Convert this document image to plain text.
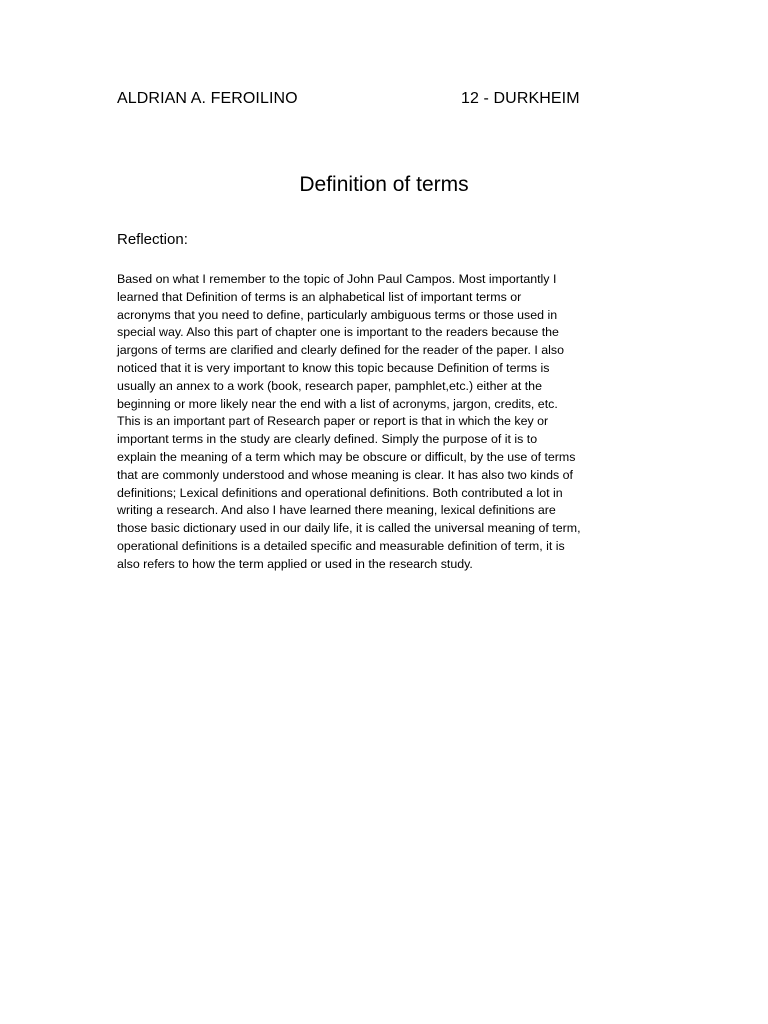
ALDRIAN A. FEROILINO	12 - DURKHEIM
Definition of terms
Reflection:
Based on what I remember to the topic of John Paul Campos. Most importantly I
learned that Definition of terms is an alphabetical list of important terms or
acronyms that you need to define, particularly ambiguous terms or those used in
special way. Also this part of chapter one is important to the readers because the
jargons of terms are clarified and clearly defined for the reader of the paper. I also
noticed that it is very important to know this topic because Definition of terms is
usually an annex to a work (book, research paper, pamphlet,etc.) either at the
beginning or more likely near the end with a list of acronyms, jargon, credits, etc.
This is an important part of Research paper or report is that in which the key or
important terms in the study are clearly defined. Simply the purpose of it is to
explain the meaning of a term which may be obscure or difficult, by the use of terms
that are commonly understood and whose meaning is clear. It has also two kinds of
definitions; Lexical definitions and operational definitions. Both contributed a lot in
writing a research. And also I have learned there meaning, lexical definitions are
those basic dictionary used in our daily life, it is called the universal meaning of term,
operational definitions is a detailed specific and measurable definition of term, it is
also refers to how the term applied or used in the research study.
